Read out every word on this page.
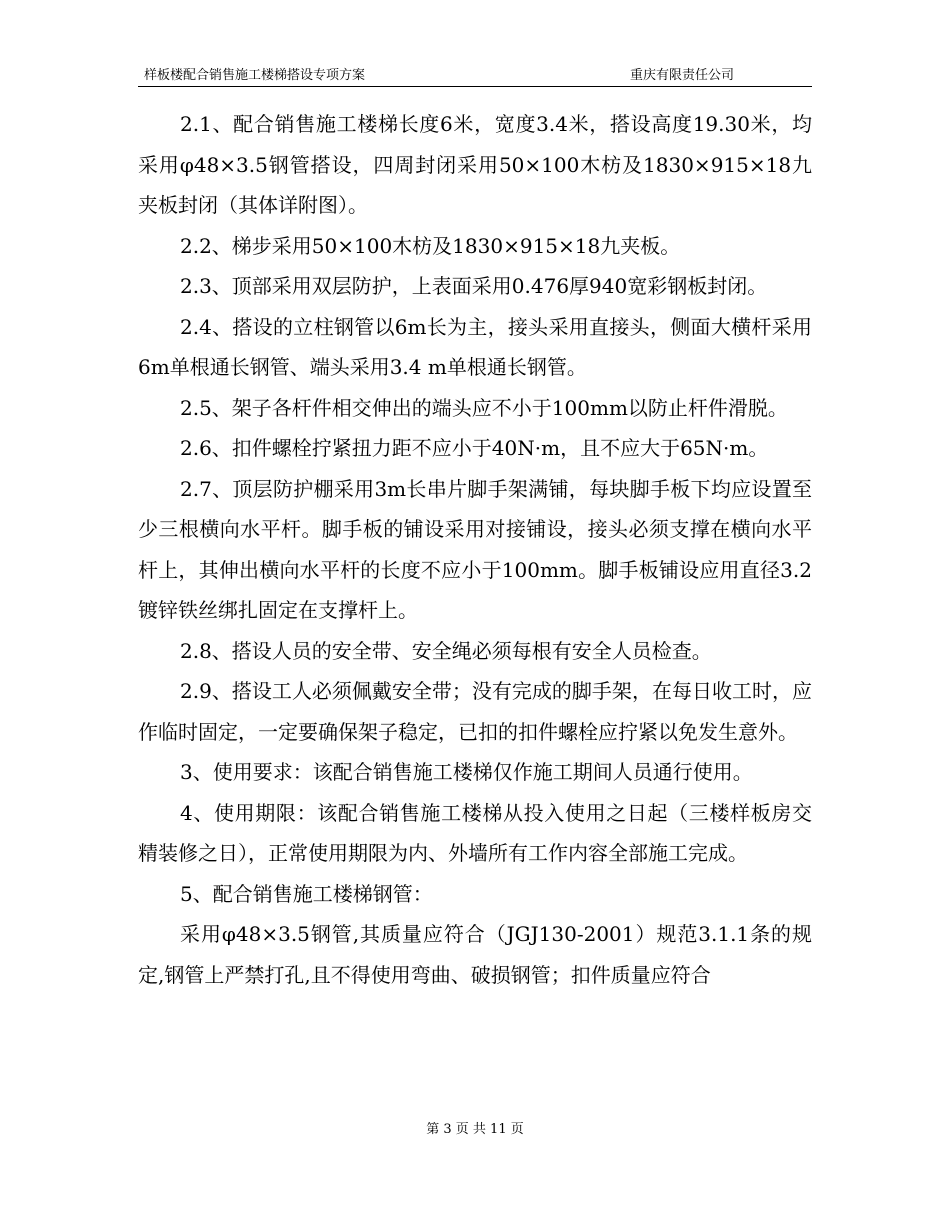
样板楼配合销售施工楼梯搭设专项方案	重庆有限责任公司

2.1、配合销售施工楼梯长度6米，宽度3.4米，搭设高度19.30米，均采用φ48×3.5钢管搭设，四周封闭采用50×100木枋及1830×915×18九夹板封闭（其体详附图）。

2.2、梯步采用50×100木枋及1830×915×18九夹板。

2.3、顶部采用双层防护，上表面采用0.476厚940宽彩钢板封闭。

2.4、搭设的立柱钢管以6m长为主，接头采用直接头，侧面大横杆采用6m单根通长钢管、端头采用3.4 m单根通长钢管。

2.5、架子各杆件相交伸出的端头应不小于100mm以防止杆件滑脱。

2.6、扣件螺栓拧紧扭力距不应小于40N·m，且不应大于65N·m。

2.7、顶层防护棚采用3m长串片脚手架满铺，每块脚手板下均应设置至少三根横向水平杆。脚手板的铺设采用对接铺设，接头必须支撑在横向水平杆上，其伸出横向水平杆的长度不应小于100mm。脚手板铺设应用直径3.2镀锌铁丝绑扎固定在支撑杆上。

2.8、搭设人员的安全带、安全绳必须每根有安全人员检查。

2.9、搭设工人必须佩戴安全带；没有完成的脚手架，在每日收工时，应作临时固定，一定要确保架子稳定，已扣的扣件螺栓应拧紧以免发生意外。

3、使用要求：该配合销售施工楼梯仅作施工期间人员通行使用。

4、使用期限：该配合销售施工楼梯从投入使用之日起（三楼样板房交精装修之日），正常使用期限为内、外墙所有工作内容全部施工完成。

5、配合销售施工楼梯钢管：

采用φ48×3.5钢管,其质量应符合（JGJ130-2001）规范3.1.1条的规定,钢管上严禁打孔,且不得使用弯曲、破损钢管；扣件质量应符合

第 3 页 共 11 页
